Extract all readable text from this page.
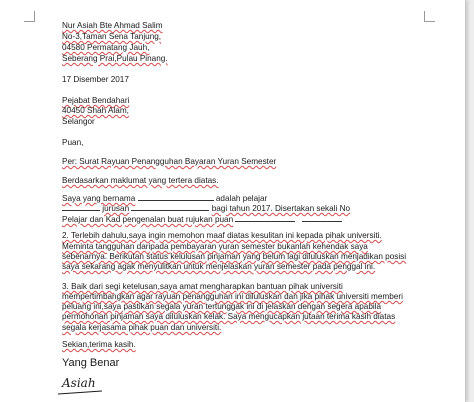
Nur Asiah Bte Ahmad Salim
No-3,Taman Sena Tanjung,
04580 Permatang Jauh,
Seberang Prai,Pulau Pinang.
17 Disember 2017
Pejabat Bendahari
40450 Shah Alam,
Selangor
Puan,
Per: Surat Rayuan Penangguhan Bayaran Yuran Semester
Berdasarkan maklumat yang tertera diatas.
Saya yang bernama	adalah pelajar
jurusan	bagi tahun 2017. Disertakan sekali No
Pelajar dan Kad pengenalan buat rujukan puan
2. Terlebih dahulu,saya ingin memohon maaf diatas kesulitan ini kepada pihak universiti.
Meminta tangguhan daripada pembayaran yuran semester bukanlah kehendak saya
sebenarnya. Berikutan status kelulusan pinjaman yang belum lagi diluluskan menjadikan posisi
saya sekarang agak menyulitkan untuk menjelaskan yuran semester pada penggal ini.
3. Baik dari segi ketelusan,saya amat mengharapkan bantuan pihak universiti
mempertimbangkan agar rayuan penangguhan ini diluluskan dan jika pihak universiti memberi
peluang ini,saya pastikan segala yuran tertunggak ini di jelaskan dengan segera apabila
permohonan pinjaman saya diluluskan kelak. Saya mengucapkan jutaan terima kasih diatas
segala kerjasama pihak puan dan universiti.
Sekian,terima kasih.
Yang Benar
Asiah
